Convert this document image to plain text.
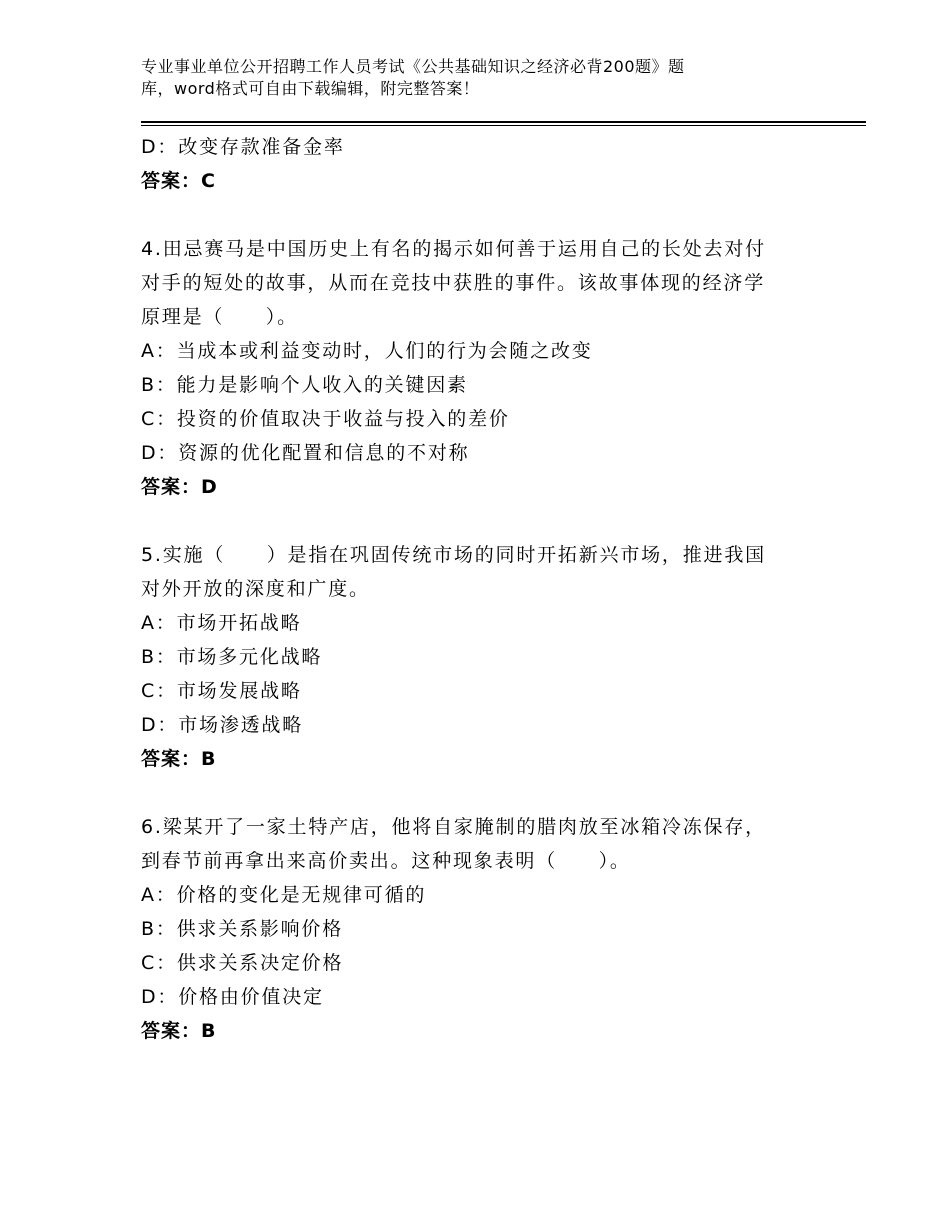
专业事业单位公开招聘工作人员考试《公共基础知识之经济必背200题》题
库，word格式可自由下载编辑，附完整答案！
D：改变存款准备金率
答案：C
4.田忌赛马是中国历史上有名的揭示如何善于运用自己的长处去对付
对手的短处的故事，从而在竞技中获胜的事件。该故事体现的经济学
原理是（　　）。
A：当成本或利益变动时，人们的行为会随之改变
B：能力是影响个人收入的关键因素
C：投资的价值取决于收益与投入的差价
D：资源的优化配置和信息的不对称
答案：D
5.实施（　　）是指在巩固传统市场的同时开拓新兴市场，推进我国
对外开放的深度和广度。
A：市场开拓战略
B：市场多元化战略
C：市场发展战略
D：市场渗透战略
答案：B
6.梁某开了一家土特产店，他将自家腌制的腊肉放至冰箱冷冻保存，
到春节前再拿出来高价卖出。这种现象表明（　　）。
A：价格的变化是无规律可循的
B：供求关系影响价格
C：供求关系决定价格
D：价格由价值决定
答案：B
